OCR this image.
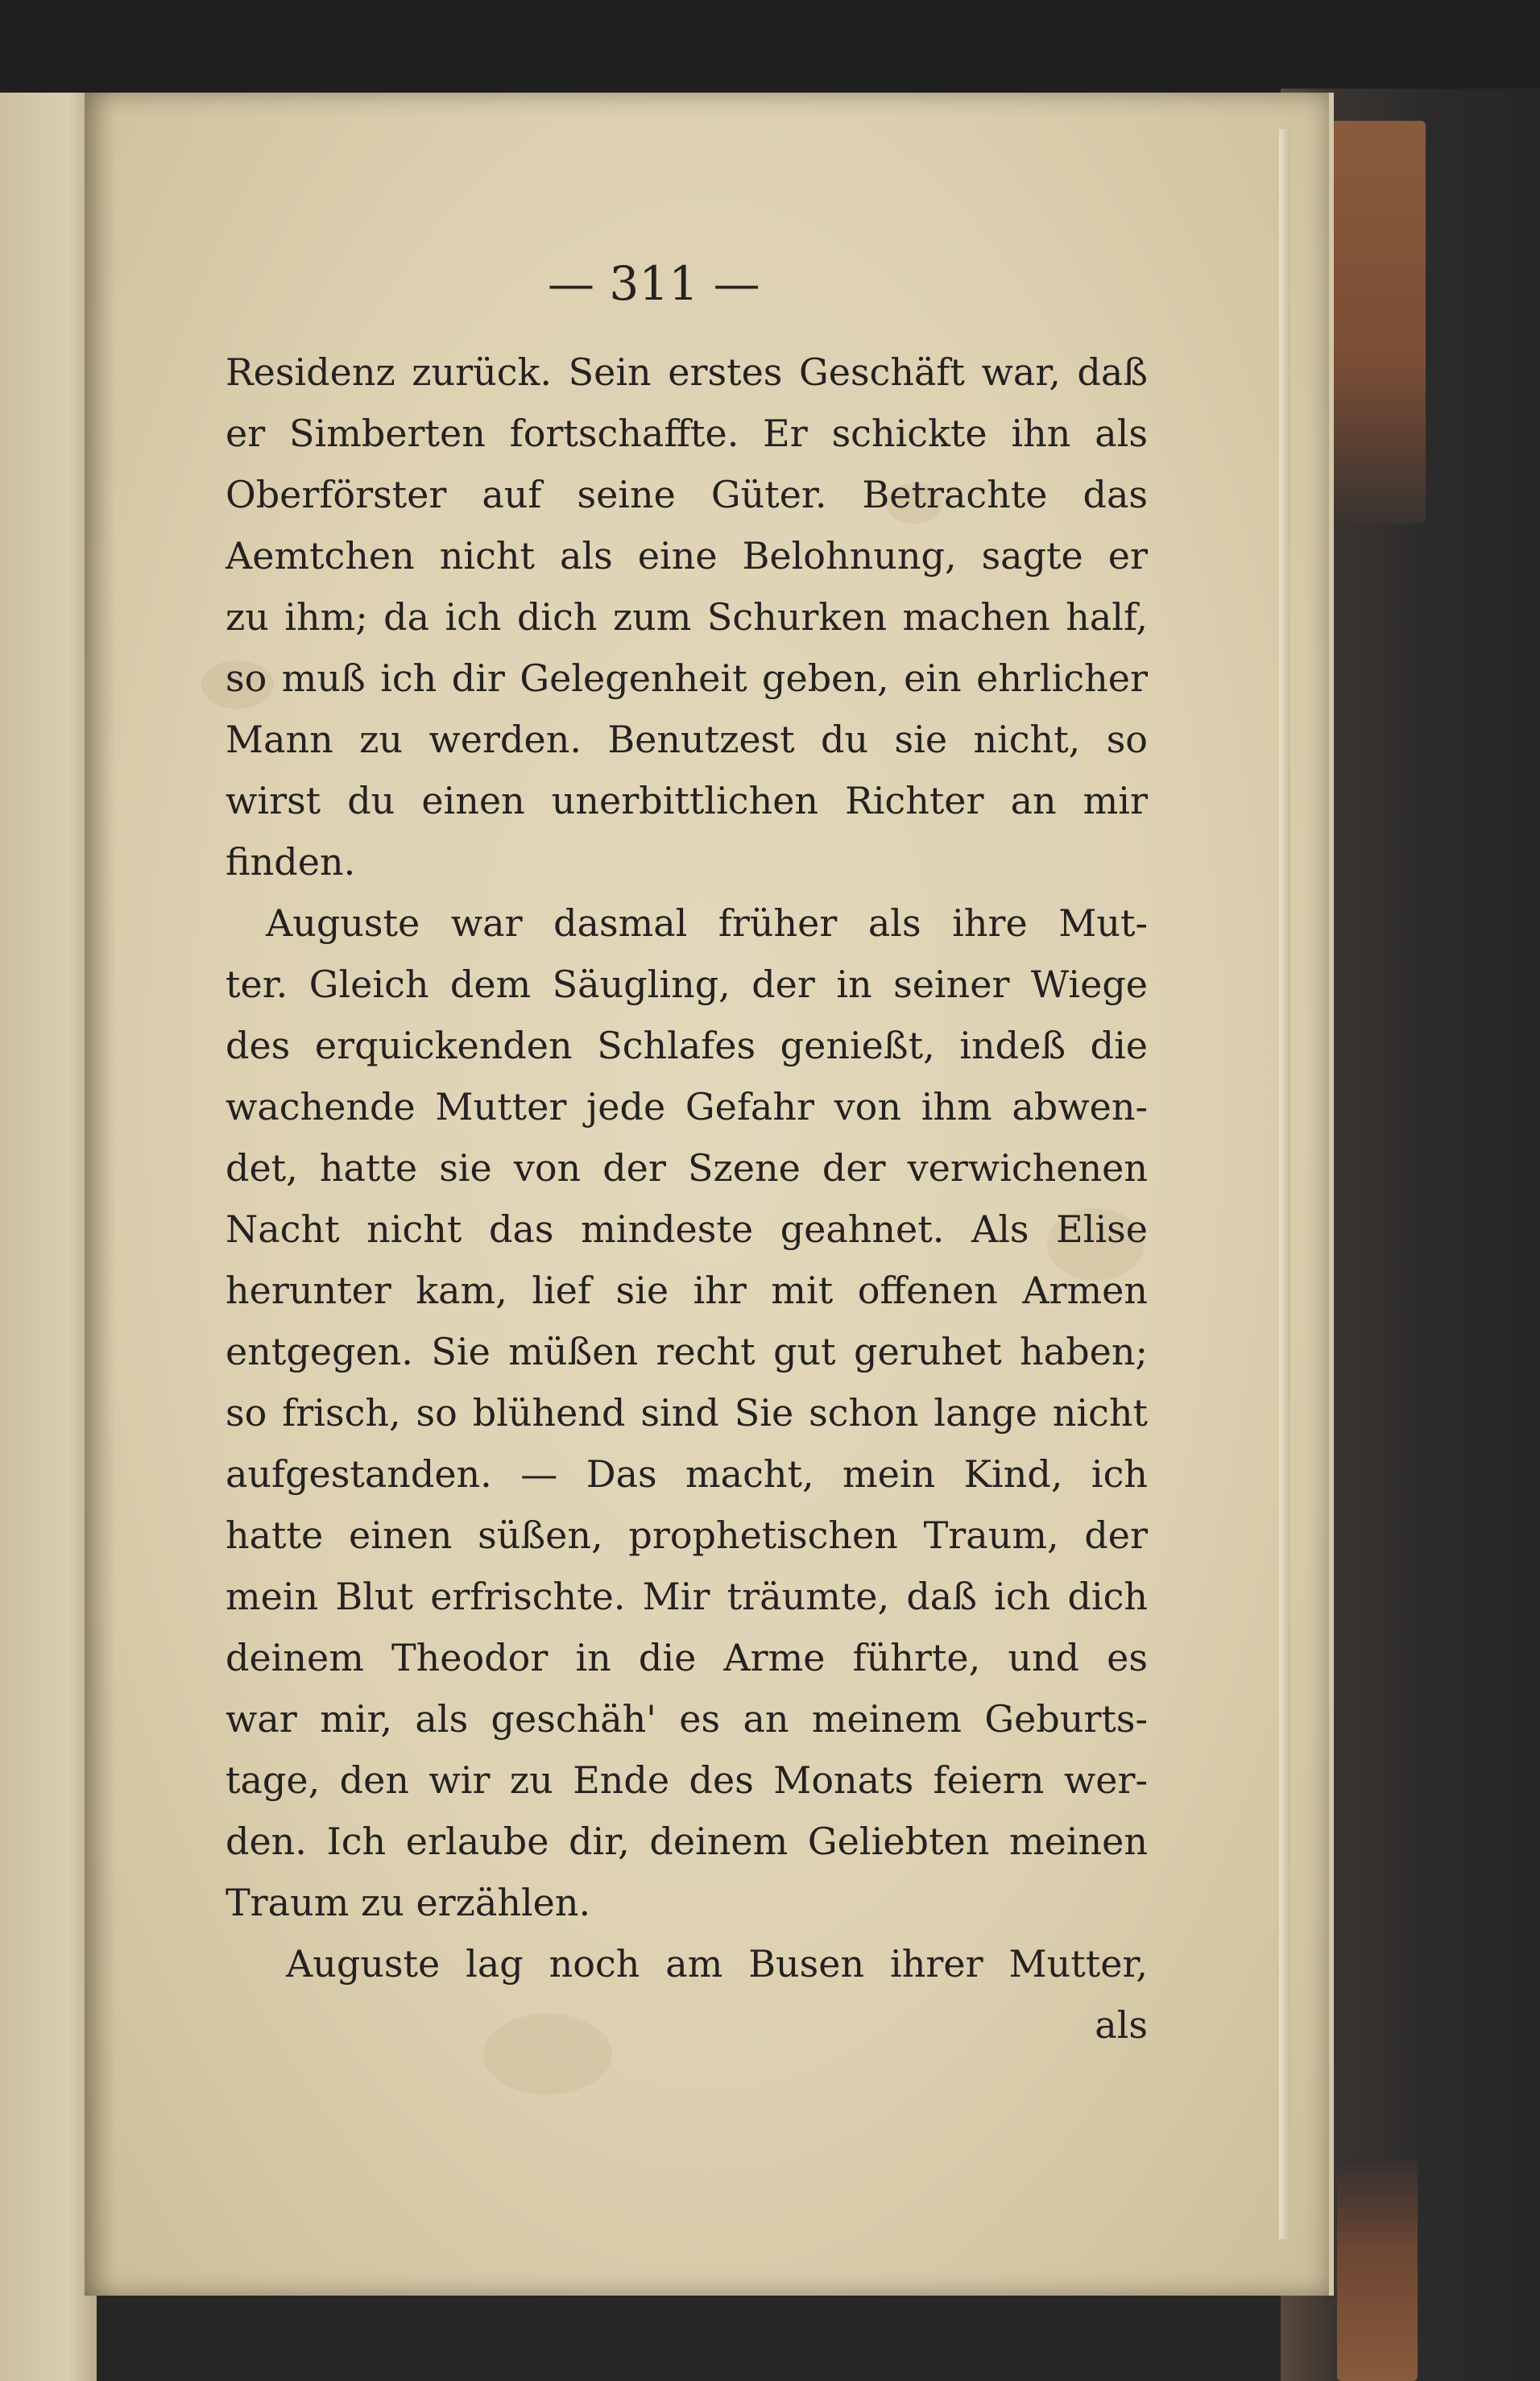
— 311 —
Residenz zurück. Sein erstes Geschäft war, daß
er Simberten fortschaffte. Er schickte ihn als
Oberförster auf seine Güter. Betrachte das
Aemtchen nicht als eine Belohnung, sagte er
zu ihm; da ich dich zum Schurken machen half,
so muß ich dir Gelegenheit geben, ein ehrlicher
Mann zu werden. Benutzest du sie nicht, so
wirst du einen unerbittlichen Richter an mir
finden.
Auguste war dasmal früher als ihre Mut-
ter. Gleich dem Säugling, der in seiner Wiege
des erquickenden Schlafes genießt, indeß die
wachende Mutter jede Gefahr von ihm abwen-
det, hatte sie von der Szene der verwichenen
Nacht nicht das mindeste geahnet. Als Elise
herunter kam, lief sie ihr mit offenen Armen
entgegen. Sie müßen recht gut geruhet haben;
so frisch, so blühend sind Sie schon lange nicht
aufgestanden. — Das macht, mein Kind, ich
hatte einen süßen, prophetischen Traum, der
mein Blut erfrischte. Mir träumte, daß ich dich
deinem Theodor in die Arme führte, und es
war mir, als geschäh' es an meinem Geburts-
tage, den wir zu Ende des Monats feiern wer-
den. Ich erlaube dir, deinem Geliebten meinen
Traum zu erzählen.
Auguste lag noch am Busen ihrer Mutter,
als
